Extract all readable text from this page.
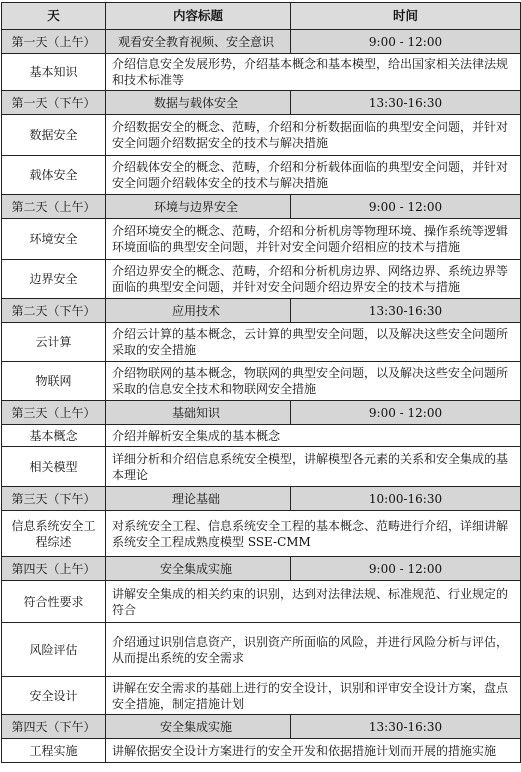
天	内容标题	时间
第一天（上午）	观看安全教育视频、安全意识	9:00 - 12:00
基本知识	介绍信息安全发展形势，介绍基本概念和基本模型，给出国家相关法律法规和技术标准等	
第一天（下午）	数据与载体安全	13:30-16:30
数据安全	介绍数据安全的概念、范畴，介绍和分析数据面临的典型安全问题，并针对安全问题介绍数据安全的技术与解决措施	
载体安全	介绍载体安全的概念、范畴，介绍和分析载体面临的典型安全问题，并针对安全问题介绍载体安全的技术与解决措施	
第二天（上午）	环境与边界安全	9:00 - 12:00
环境安全	介绍环境安全的概念、范畴，介绍和分析机房等物理环境、操作系统等逻辑环境面临的典型安全问题，并针对安全问题介绍相应的技术与措施	
边界安全	介绍边界安全的概念、范畴，介绍和分析机房边界、网络边界、系统边界等面临的典型安全问题，并针对安全问题介绍边界安全的技术与措施	
第二天（下午）	应用技术	13:30-16:30
云计算	介绍云计算的基本概念，云计算的典型安全问题，以及解决这些安全问题所采取的安全措施	
物联网	介绍物联网的基本概念，物联网的典型安全问题，以及解决这些安全问题所采取的信息安全技术和物联网安全措施	
第三天（上午）	基础知识	9:00 - 12:00
基本概念	介绍并解析安全集成的基本概念	
相关模型	详细分析和介绍信息系统安全模型，讲解模型各元素的关系和安全集成的基本理论	
第三天（下午）	理论基础	10:00-16:30
信息系统安全工程综述	对系统安全工程、信息系统安全工程的基本概念、范畴进行介绍，详细讲解系统安全工程成熟度模型 SSE-CMM	
第四天（上午）	安全集成实施	9:00 - 12:00
符合性要求	讲解安全集成的相关约束的识别，达到对法律法规、标准规范、行业规定的符合	
风险评估	介绍通过识别信息资产，识别资产所面临的风险，并进行风险分析与评估，从而提出系统的安全需求	
安全设计	讲解在安全需求的基础上进行的安全设计，识别和评审安全设计方案，盘点安全措施，制定措施计划	
第四天（下午）	安全集成实施	13:30-16:30
工程实施	讲解依据安全设计方案进行的安全开发和依据措施计划而开展的措施实施	
